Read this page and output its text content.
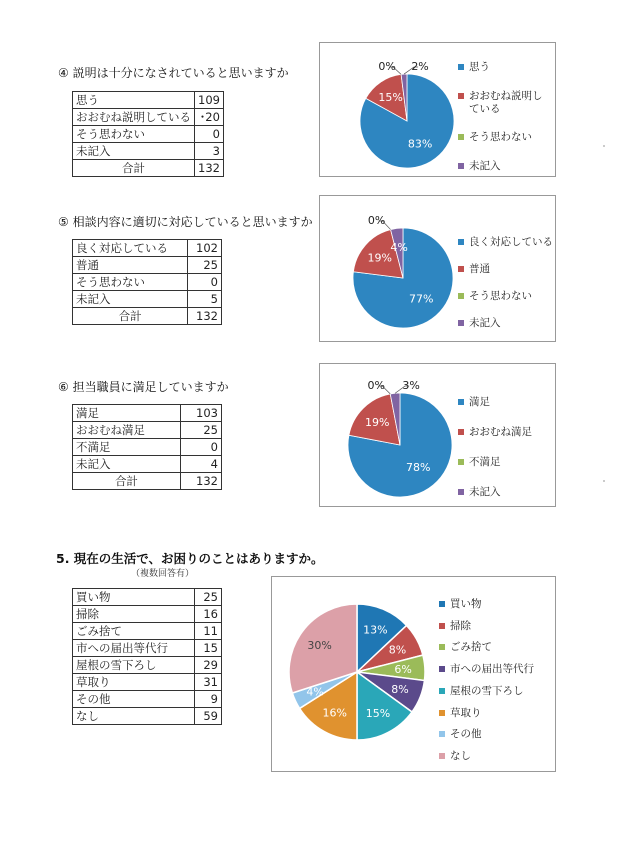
④ 説明は十分になされていると思いますか
思う	109
おおむね説明している	･20
そう思わない	0
未記入	3
合計	132
83%
15%
0% 2%	思う
おおむね説明し
ている
そう思わない
未記入
⑤ 相談内容に適切に対応していると思いますか
良く対応している	102
普通	25
そう思わない	0
未記入	5
合計	132
77%
19%
0%
4%	良く対応している
普通
そう思わない
未記入
⑥ 担当職員に満足していますか
満足	103
おおむね満足	25
不満足	0
未記入	4
合計	132
78%
19%
0% 3%
満足
おおむね満足
不満足
未記入
5. 現在の生活で、お困りのことはありますか。
（複数回答有）
買い物	25
掃除	16
ごみ捨て	11
市への届出等代行	15
屋根の雪下ろし	29
草取り	31
その他	9
なし	59
13%
8%
6%
8%
15%
16%
4%
30%
買い物
掃除
ごみ捨て
市への届出等代行
屋根の雪下ろし
草取り
その他
なし
